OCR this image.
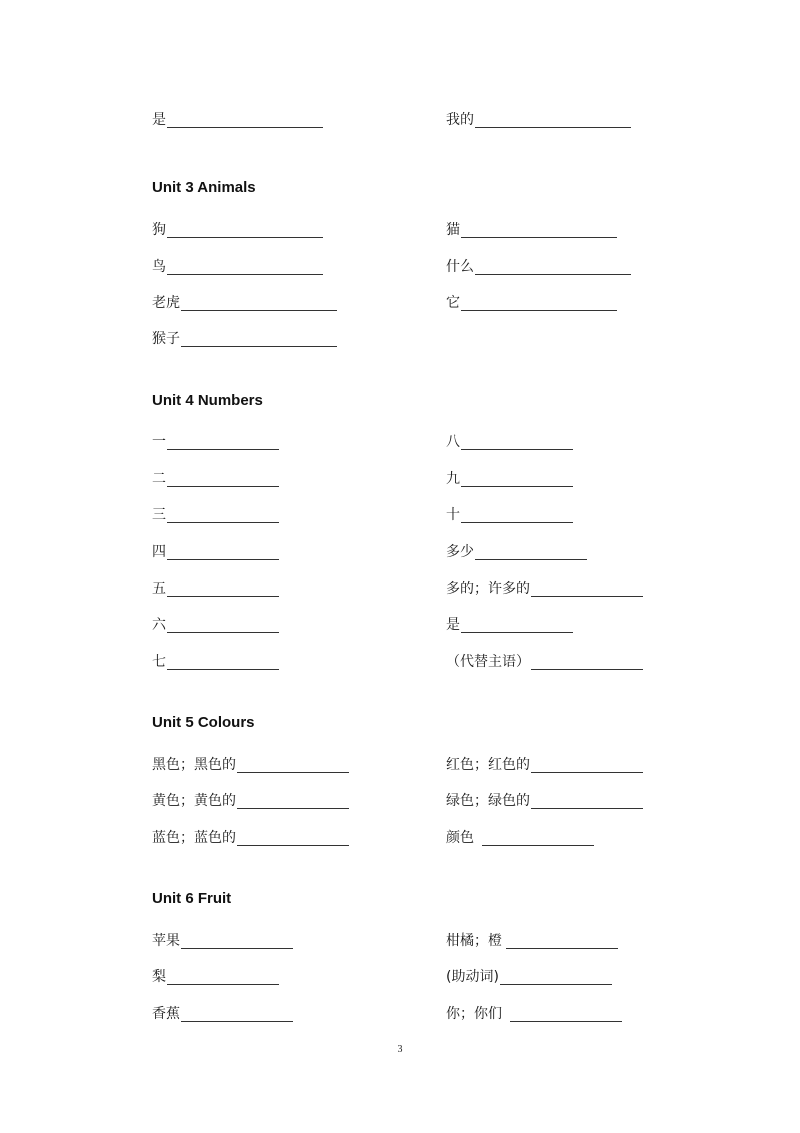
是	我的
Unit 3 Animals
狗	猫
鸟	什么
老虎	它
猴子
Unit 4 Numbers
一	八
二	九
三	十
四	多少
五	多的；许多的
六	是
七	（代替主语）
Unit 5 Colours
黑色；黑色的	红色；红色的
黄色；黄色的	绿色；绿色的
蓝色；蓝色的	颜色
Unit 6 Fruit
苹果	柑橘；橙
梨	(助动词)
香蕉	你；你们
3
